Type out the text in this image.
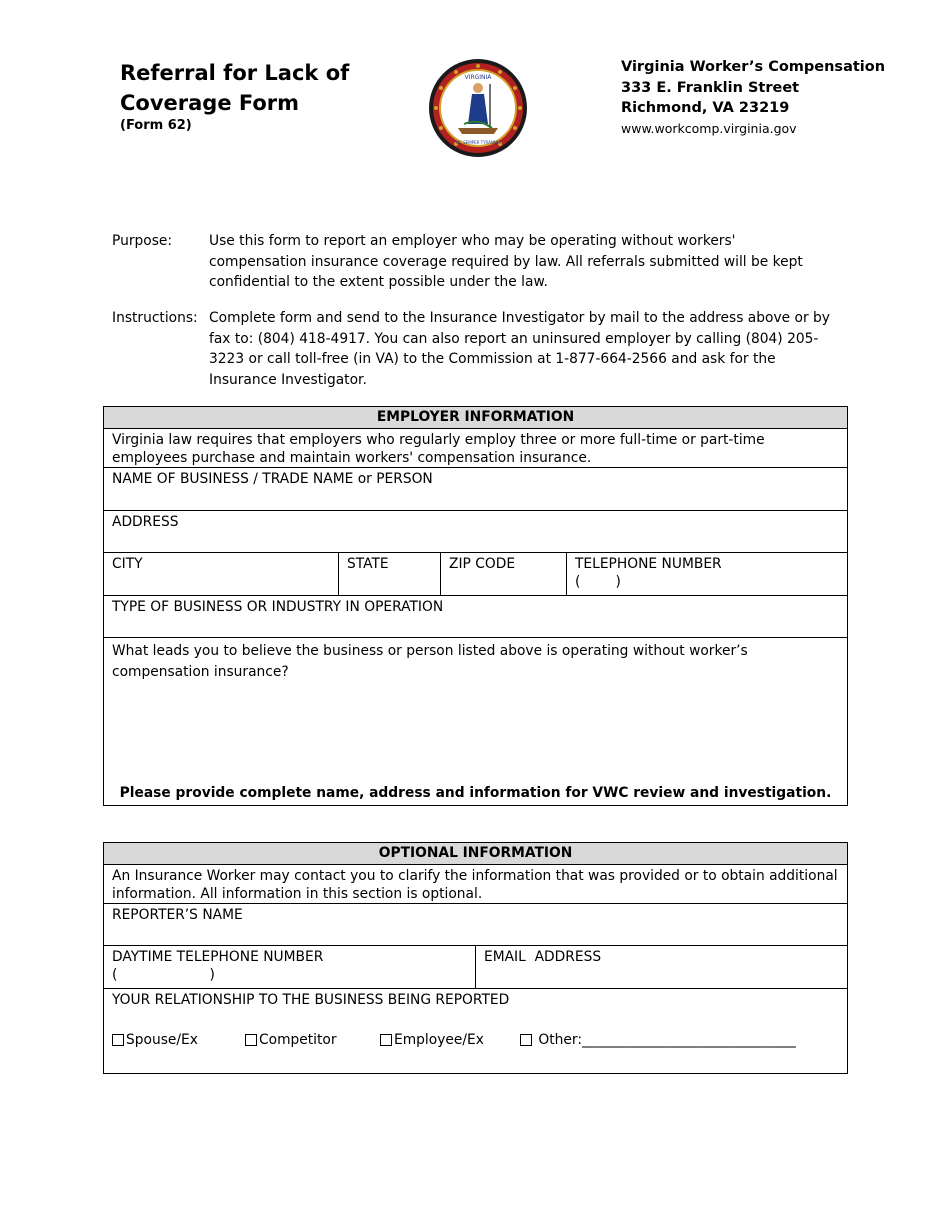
Referral for Lack of
Coverage Form
(Form 62)
VIRGINIA
SIC SEMPER TYRANNIS
Virginia Worker’s Compensation
333 E. Franklin Street
Richmond, VA 23219
www.workcomp.virginia.gov
Purpose:	Use this form to report an employer who may be operating without workers' compensation insurance coverage required by law. All referrals submitted will be kept confidential to the extent possible under the law.
Instructions: Complete form and send to the Insurance Investigator by mail to the address above or by fax to: (804) 418-4917. You can also report an uninsured employer by calling (804) 205-3223 or call toll-free (in VA) to the Commission at 1-877-664-2566 and ask for the Insurance Investigator.
EMPLOYER INFORMATION
Virginia law requires that employers who regularly employ three or more full-time or part-time employees purchase and maintain workers' compensation insurance.
NAME OF BUSINESS / TRADE NAME or PERSON
ADDRESS
CITY	STATE	ZIP CODE	TELEPHONE NUMBER
(        )

TYPE OF BUSINESS OR INDUSTRY IN OPERATION

What leads you to believe the business or person listed above is operating without worker’s compensation insurance?
Please provide complete name, address and information for VWC review and investigation.
OPTIONAL INFORMATION
An Insurance Worker may contact you to clarify the information that was provided or to obtain additional information. All information in this section is optional.
REPORTER’S NAME

DAYTIME TELEPHONE NUMBER
(                     )
	EMAIL  ADDRESS

YOUR RELATIONSHIP TO THE BUSINESS BEING REPORTED
Spouse/Ex	Competitor	Employee/Ex	Other: _______________________________
